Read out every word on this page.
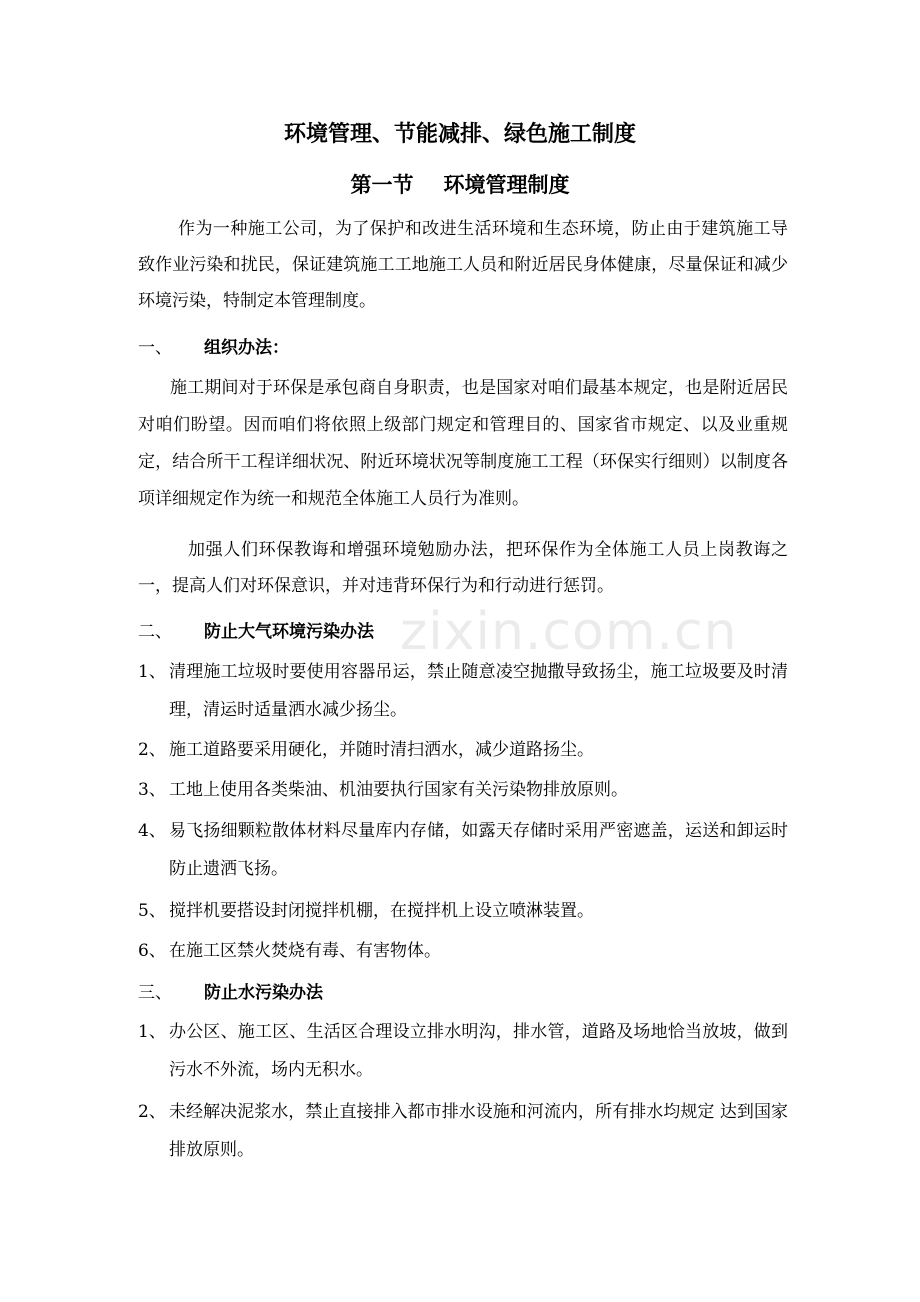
环境管理、节能减排、绿色施工制度
第一节 环境管理制度
作为一种施工公司，为了保护和改进生活环境和生态环境，防止由于建筑施工导致作业污染和扰民，保证建筑施工工地施工人员和附近居民身体健康，尽量保证和减少环境污染，特制定本管理制度。
一、 组织办法：
施工期间对于环保是承包商自身职责，也是国家对咱们最基本规定，也是附近居民对咱们盼望。因而咱们将依照上级部门规定和管理目的、国家省市规定、以及业重规定，结合所干工程详细状况、附近环境状况等制度施工工程（环保实行细则）以制度各项详细规定作为统一和规范全体施工人员行为准则。
加强人们环保教诲和增强环境勉励办法，把环保作为全体施工人员上岗教诲之一，提高人们对环保意识，并对违背环保行为和行动进行惩罚。
二、 防止大气环境污染办法
1、 清理施工垃圾时要使用容器吊运，禁止随意凌空抛撒导致扬尘，施工垃圾要及时清理，清运时适量洒水减少扬尘。
2、 施工道路要采用硬化，并随时清扫洒水，减少道路扬尘。
3、 工地上使用各类柴油、机油要执行国家有关污染物排放原则。
4、 易飞扬细颗粒散体材料尽量库内存储，如露天存储时采用严密遮盖，运送和卸运时防止遗洒飞扬。
5、 搅拌机要搭设封闭搅拌机棚，在搅拌机上设立喷淋装置。
6、 在施工区禁火焚烧有毒、有害物体。
三、 防止水污染办法
1、 办公区、施工区、生活区合理设立排水明沟，排水管，道路及场地恰当放坡，做到污水不外流，场内无积水。
2、 未经解决泥浆水，禁止直接排入都市排水设施和河流内，所有排水均规定 达到国家排放原则。
zixin.com.cn
